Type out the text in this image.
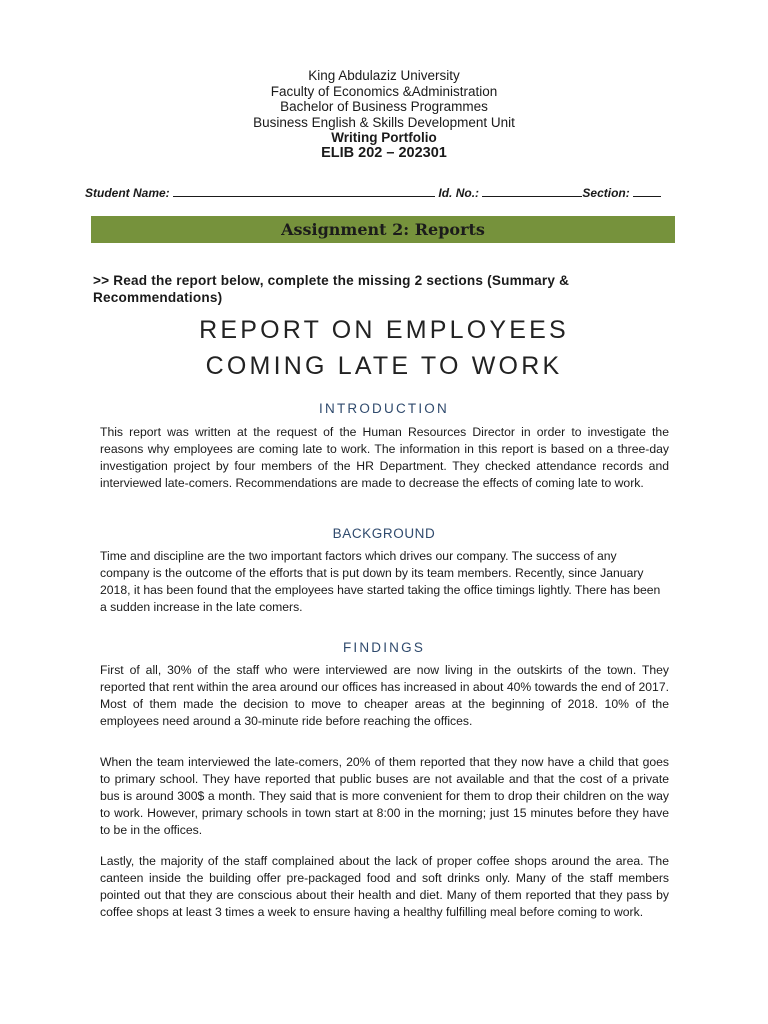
King Abdulaziz University
Faculty of Economics &Administration
Bachelor of Business Programmes
Business English & Skills Development Unit
Writing Portfolio
ELIB 202 – 202301
Student Name:	Id. No.:	Section:
Assignment 2: Reports
>> Read the report below, complete the missing 2 sections (Summary & Recommendations)
REPORT ON EMPLOYEES
COMING LATE TO WORK
INTRODUCTION
This report was written at the request of the Human Resources Director in order to investigate the reasons why employees are coming late to work. The information in this report is based on a three-day investigation project by four members of the HR Department. They checked attendance records and interviewed late-comers. Recommendations are made to decrease the effects of coming late to work.
BACKGROUND
Time and discipline are the two important factors which drives our company. The success of any company is the outcome of the efforts that is put down by its team members. Recently, since January 2018, it has been found that the employees have started taking the office timings lightly. There has been a sudden increase in the late comers.
FINDINGS
First of all, 30% of the staff who were interviewed are now living in the outskirts of the town. They reported that rent within the area around our offices has increased in about 40% towards the end of 2017. Most of them made the decision to move to cheaper areas at the beginning of 2018. 10% of the employees need around a 30-minute ride before reaching the offices.
When the team interviewed the late-comers, 20% of them reported that they now have a child that goes to primary school. They have reported that public buses are not available and that the cost of a private bus is around 300$ a month. They said that is more convenient for them to drop their children on the way to work. However, primary schools in town start at 8:00 in the morning; just 15 minutes before they have to be in the offices.
Lastly, the majority of the staff complained about the lack of proper coffee shops around the area. The canteen inside the building offer pre-packaged food and soft drinks only. Many of the staff members pointed out that they are conscious about their health and diet. Many of them reported that they pass by coffee shops at least 3 times a week to ensure having a healthy fulfilling meal before coming to work.
